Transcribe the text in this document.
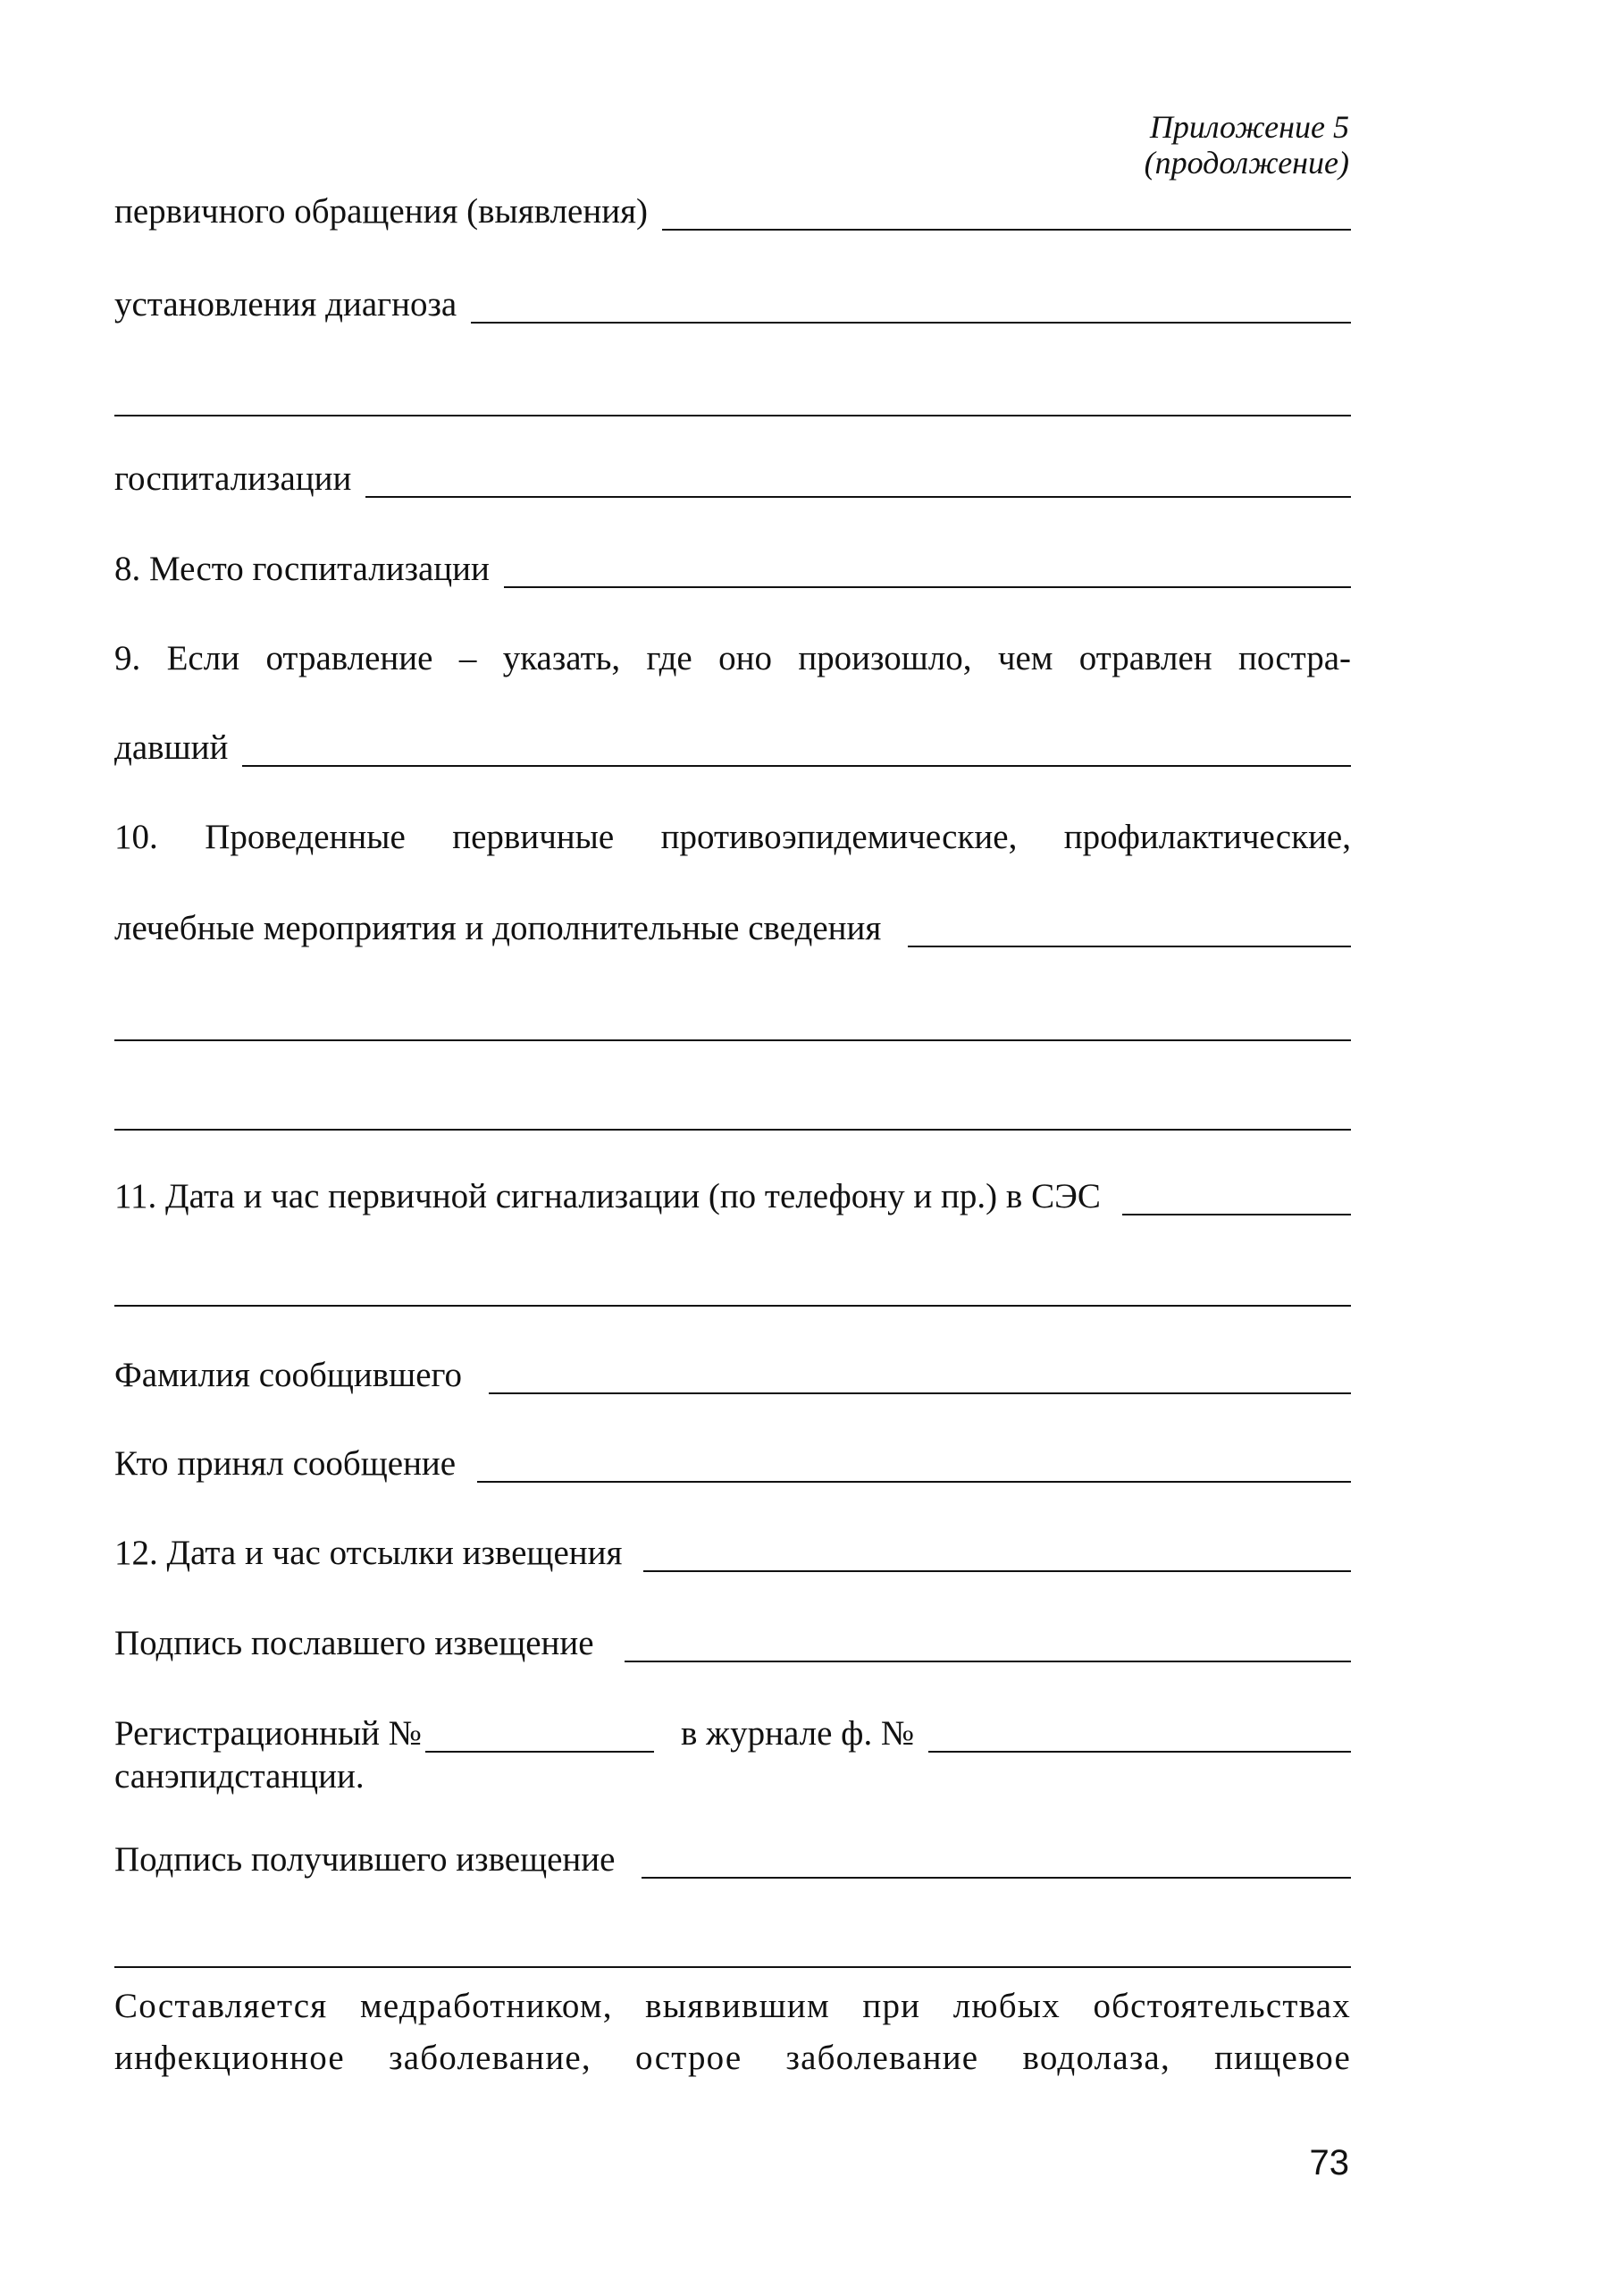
Приложение 5
(продолжение)
первичного обращения (выявления)
установления диагноза
госпитализации
8. Место госпитализации
9. Если отравление – указать, где оно произошло, чем отравлен постра-
давший
10. Проведенные первичные противоэпидемические, профилактические,
лечебные мероприятия и дополнительные сведения
11. Дата и час первичной сигнализации (по телефону и пр.) в СЭС
Фамилия сообщившего
Кто принял сообщение
12. Дата и час отсылки извещения
Подпись пославшего извещение
Регистрационный №	в журнале ф. №
санэпидстанции.
Подпись получившего извещение
Составляется медработником, выявившим при любых обстоятельствах
инфекционное заболевание, острое заболевание водолаза, пищевое
73
